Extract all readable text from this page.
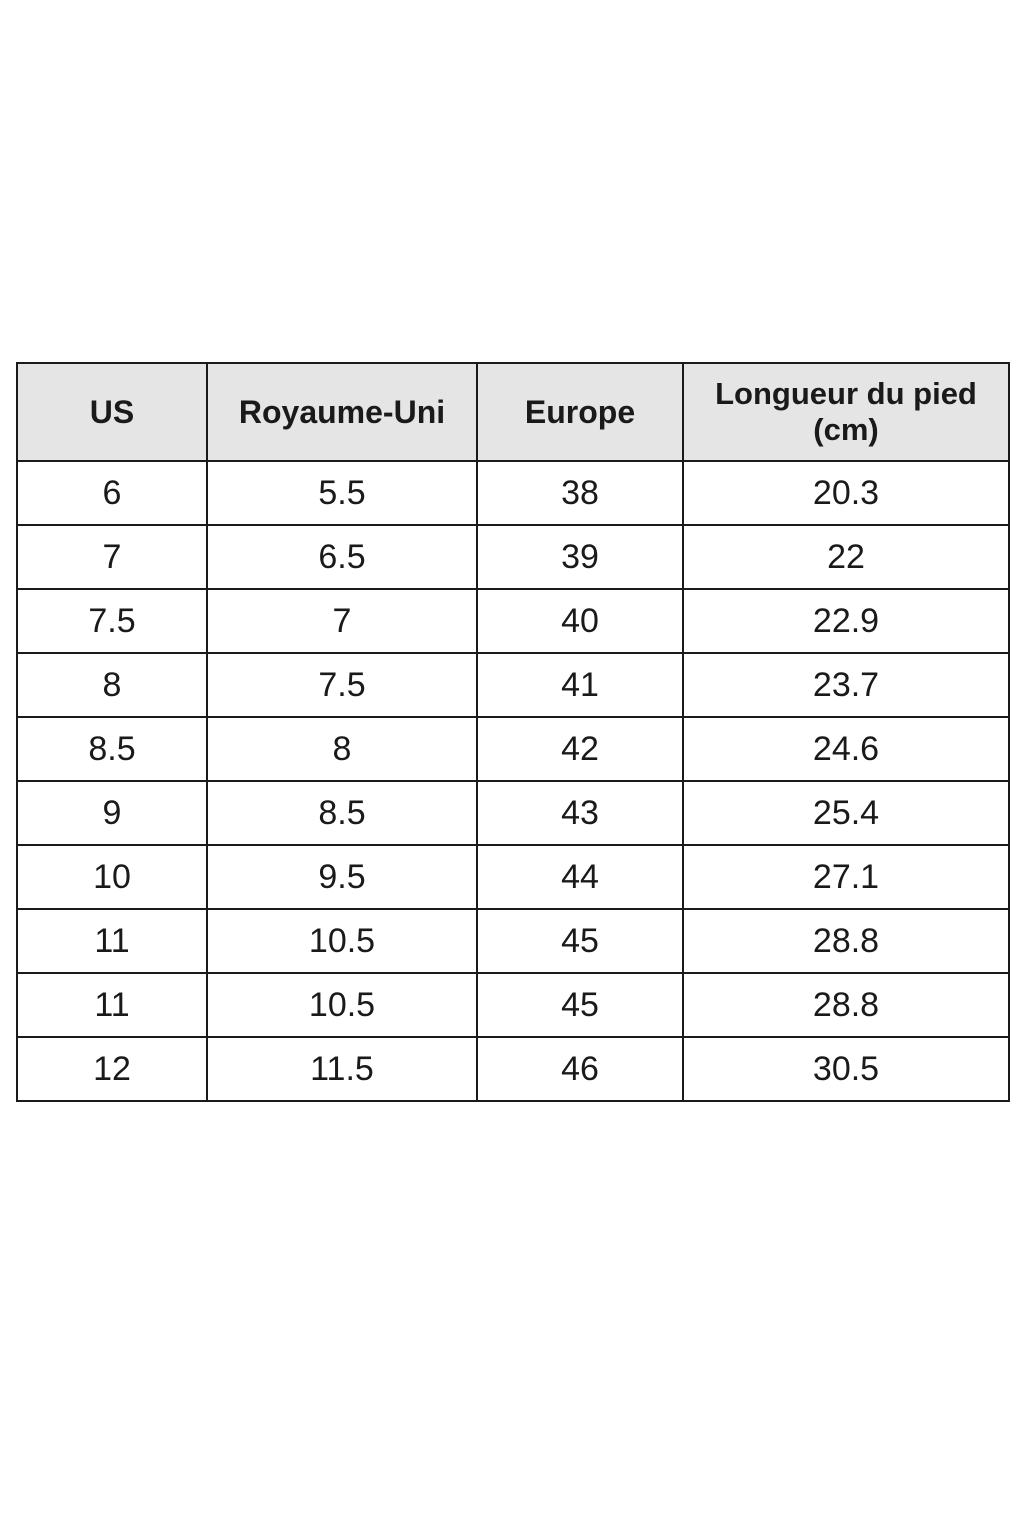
US	Royaume-Uni	Europe	Longueur du pied
(cm)
6	5.5	38	20.3
7	6.5	39	22
7.5	7	40	22.9
8	7.5	41	23.7
8.5	8	42	24.6
9	8.5	43	25.4
10	9.5	44	27.1
11	10.5	45	28.8
11	10.5	45	28.8
12	11.5	46	30.5
